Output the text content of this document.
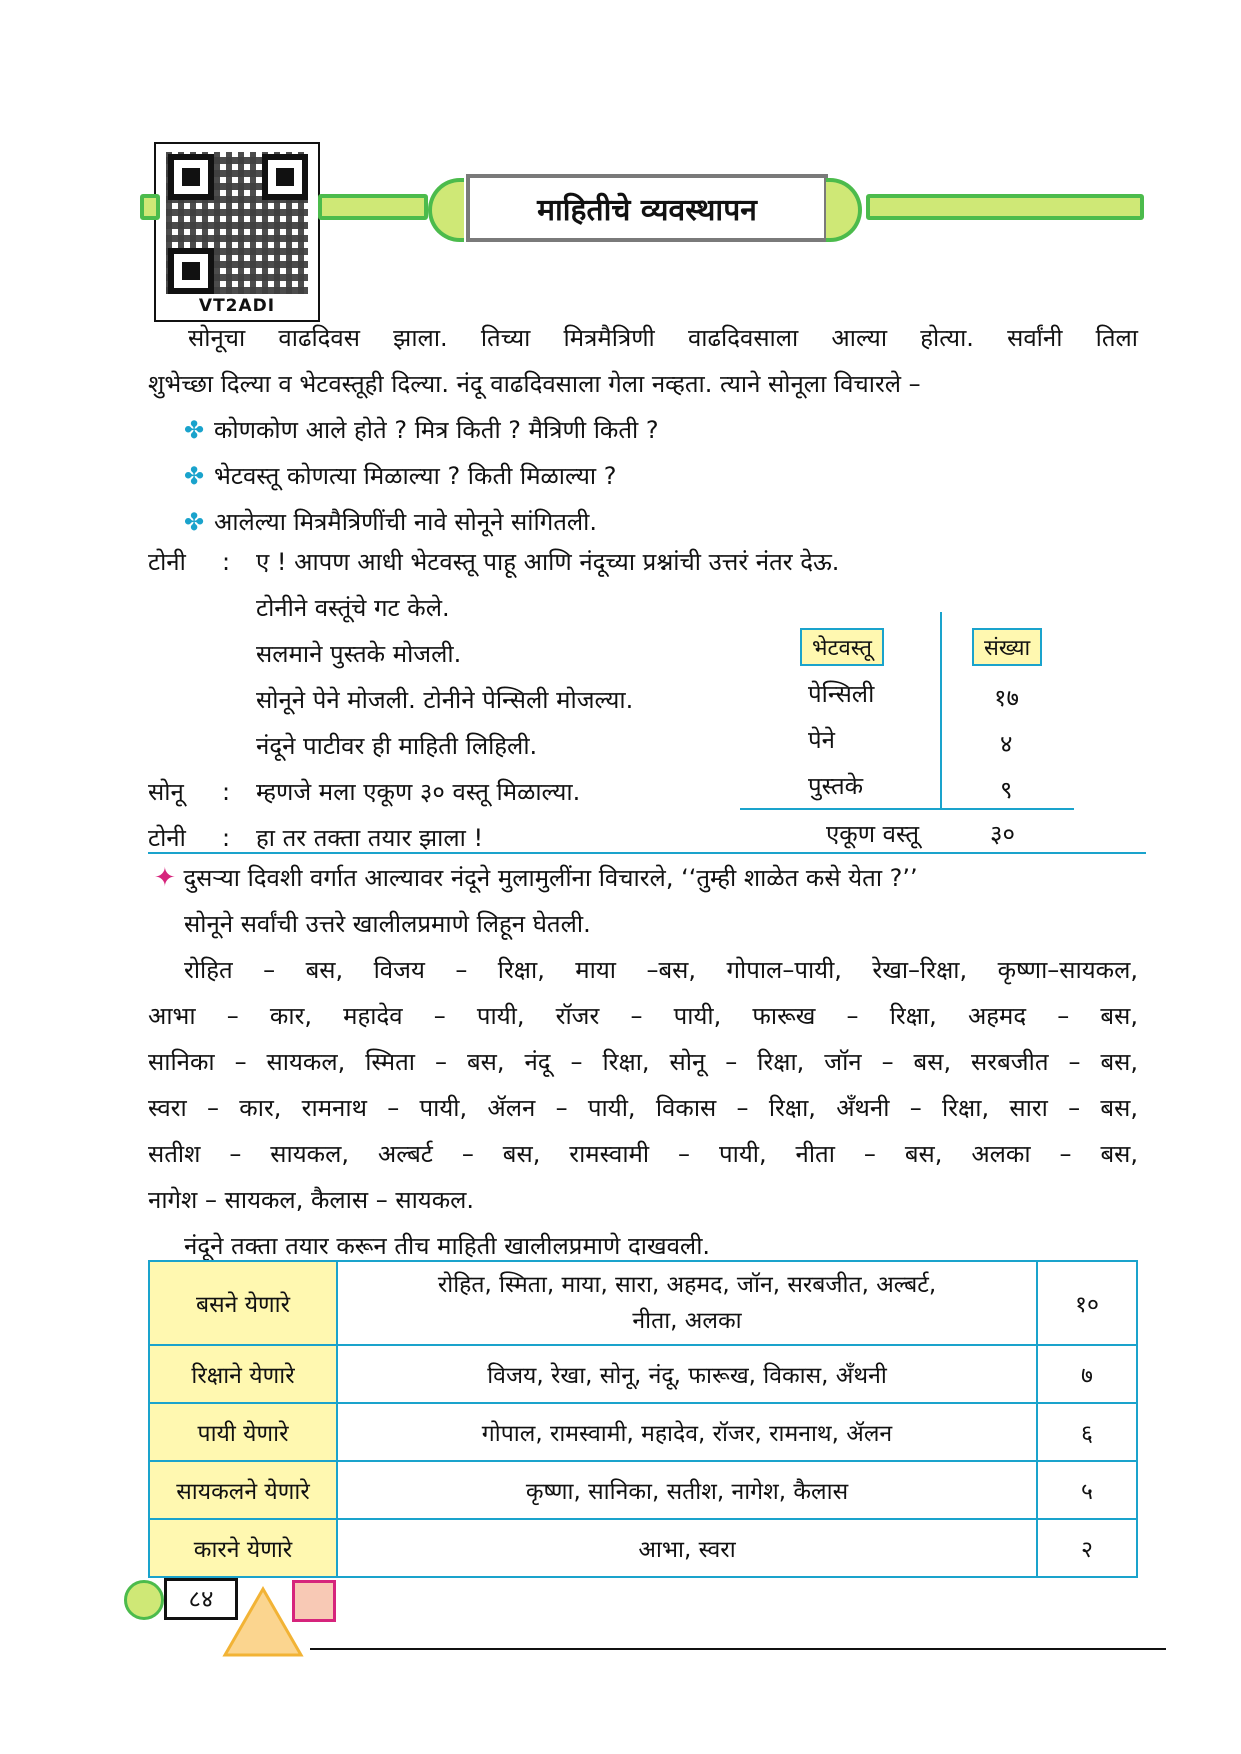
VT2ADI
माहितीचे व्यवस्थापन
सोनूचा वाढदिवस झाला. तिच्या मित्रमैत्रिणी वाढदिवसाला आल्या होत्या. सर्वांनी तिला
शुभेच्छा दिल्या व भेटवस्तूही दिल्या. नंदू वाढदिवसाला गेला नव्हता. त्याने सोनूला विचारले –
✤ कोणकोण आले होते ? मित्र किती ? मैत्रिणी किती ?
✤ भेटवस्तू कोणत्या मिळाल्या ? किती मिळाल्या ?
✤ आलेल्या मित्रमैत्रिणींची नावे सोनूने सांगितली.
टोनी : ए ! आपण आधी भेटवस्तू पाहू आणि नंदूच्या प्रश्नांची उत्तरं नंतर देऊ.
टोनीने वस्तूंचे गट केले.
सलमाने पुस्तके मोजली.
सोनूने पेने मोजली. टोनीने पेन्सिली मोजल्या.
नंदूने पाटीवर ही माहिती लिहिली.
सोनू : म्हणजे मला एकूण ३० वस्तू मिळाल्या.
टोनी : हा तर तक्ता तयार झाला !
भेटवस्तू	संख्या
पेन्सिली	१७
पेने	४
पुस्तके	९
एकूण वस्तू	३०
✦ दुसऱ्या दिवशी वर्गात आल्यावर नंदूने मुलामुलींना विचारले, ‘‘तुम्ही शाळेत कसे येता ?’’
सोनूने सर्वांची उत्तरे खालीलप्रमाणे लिहून घेतली.
रोहित – बस, विजय – रिक्षा, माया –बस, गोपाल–पायी, रेखा–रिक्षा, कृष्णा–सायकल,
आभा – कार, महादेव – पायी, रॉजर – पायी, फारूख – रिक्षा, अहमद – बस,
सानिका – सायकल, स्मिता – बस, नंदू – रिक्षा, सोनू – रिक्षा, जॉन – बस, सरबजीत – बस,
स्वरा – कार, रामनाथ – पायी, ॲलन – पायी, विकास – रिक्षा, अँथनी – रिक्षा, सारा – बस,
सतीश – सायकल, अल्बर्ट – बस, रामस्वामी – पायी, नीता – बस, अलका – बस,
नागेश – सायकल, कैलास – सायकल.
नंदूने तक्ता तयार करून तीच माहिती खालीलप्रमाणे दाखवली.
बसने येणारे	रोहित, स्मिता, माया, सारा, अहमद, जॉन, सरबजीत, अल्बर्ट,
नीता, अलका	१०
रिक्षाने येणारे	विजय, रेखा, सोनू, नंदू, फारूख, विकास, अँथनी	७
पायी येणारे	गोपाल, रामस्वामी, महादेव, रॉजर, रामनाथ, ॲलन	६
सायकलने येणारे	कृष्णा, सानिका, सतीश, नागेश, कैलास	५
कारने येणारे	आभा, स्वरा	२
८४
